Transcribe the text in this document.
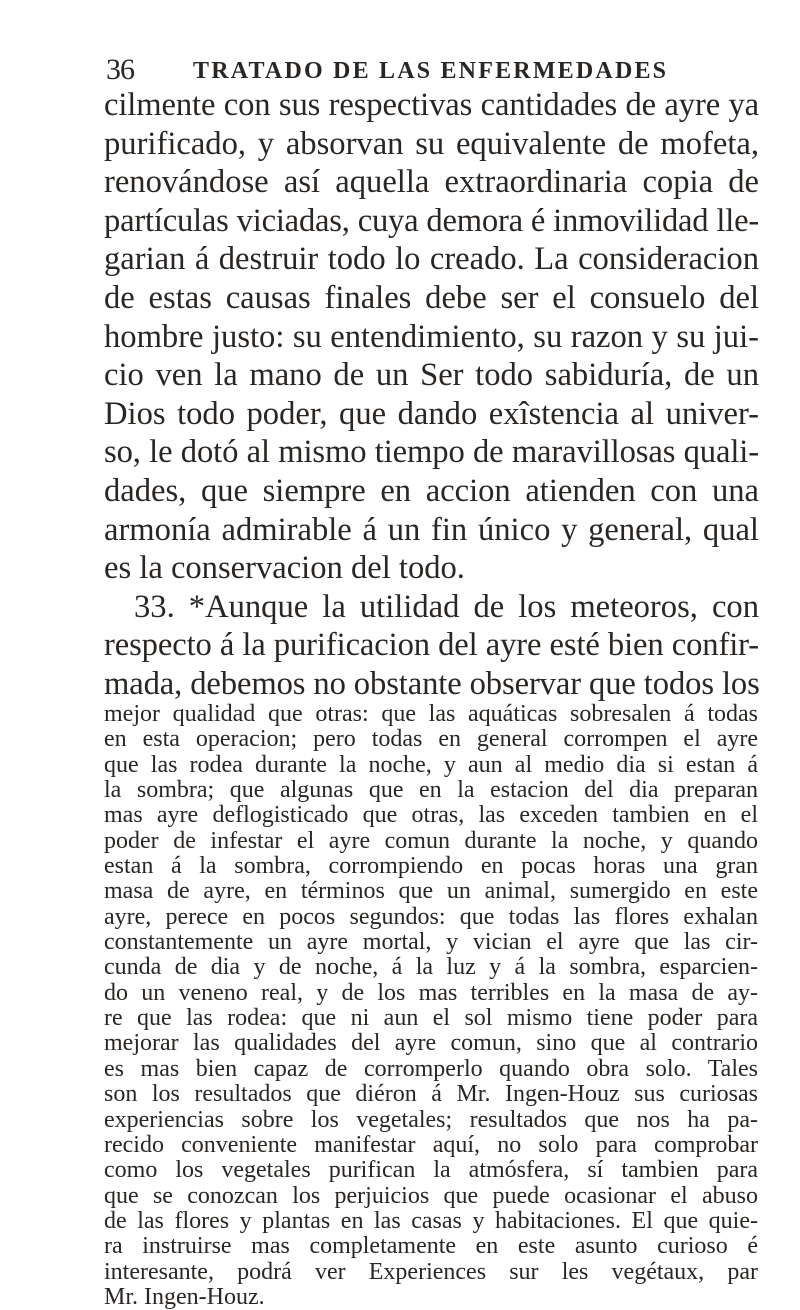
36 TRATADO DE LAS ENFERMEDADES
cilmente con sus respectivas cantidades de ayre ya
purificado, y absorvan su equivalente de mofeta,
renovándose así aquella extraordinaria copia de
partículas viciadas, cuya demora é inmovilidad lle-
garian á destruir todo lo creado. La consideracion
de estas causas finales debe ser el consuelo del
hombre justo: su entendimiento, su razon y su jui-
cio ven la mano de un Ser todo sabiduría, de un
Dios todo poder, que dando exîstencia al univer-
so, le dotó al mismo tiempo de maravillosas quali-
dades, que siempre en accion atienden con una
armonía admirable á un fin único y general, qual
es la conservacion del todo.
33. *Aunque la utilidad de los meteoros, con
respecto á la purificacion del ayre esté bien confir-
mada, debemos no obstante observar que todos los
mejor qualidad que otras: que las aquáticas sobresalen á todas
en esta operacion; pero todas en general corrompen el ayre
que las rodea durante la noche, y aun al medio dia si estan á
la sombra; que algunas que en la estacion del dia preparan
mas ayre deflogisticado que otras, las exceden tambien en el
poder de infestar el ayre comun durante la noche, y quando
estan á la sombra, corrompiendo en pocas horas una gran
masa de ayre, en términos que un animal, sumergido en este
ayre, perece en pocos segundos: que todas las flores exhalan
constantemente un ayre mortal, y vician el ayre que las cir-
cunda de dia y de noche, á la luz y á la sombra, esparcien-
do un veneno real, y de los mas terribles en la masa de ay-
re que las rodea: que ni aun el sol mismo tiene poder para
mejorar las qualidades del ayre comun, sino que al contrario
es mas bien capaz de corromperlo quando obra solo. Tales
son los resultados que diéron á Mr. Ingen-Houz sus curiosas
experiencias sobre los vegetales; resultados que nos ha pa-
recido conveniente manifestar aquí, no solo para comprobar
como los vegetales purifican la atmósfera, sí tambien para
que se conozcan los perjuicios que puede ocasionar el abuso
de las flores y plantas en las casas y habitaciones. El que quie-
ra instruirse mas completamente en este asunto curioso é
interesante, podrá ver Experiences sur les vegétaux, par
Mr. Ingen-Houz.
